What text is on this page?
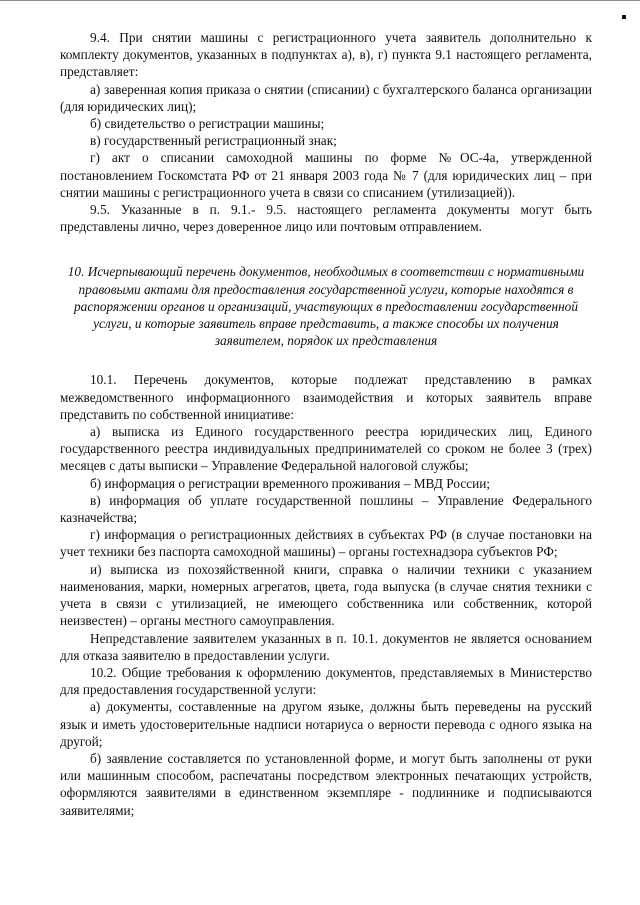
9.4. При снятии машины с регистрационного учета заявитель дополнительно к комплекту документов, указанных в подпунктах а), в), г) пункта 9.1 настоящего регламента, представляет:

а) заверенная копия приказа о снятии (списании) с бухгалтерского баланса организации (для юридических лиц);

б) свидетельство о регистрации машины;

в) государственный регистрационный знак;

г) акт о списании самоходной машины по форме №ОС-4а, утвержденной постановлением Госкомстата РФ от 21 января 2003 года № 7 (для юридических лиц – при снятии машины с регистрационного учета в связи со списанием (утилизацией)).

9.5. Указанные в п. 9.1.- 9.5. настоящего регламента документы могут быть представлены лично, через доверенное лицо или почтовым отправлением.

10. Исчерпывающий перечень документов, необходимых в соответствии с нормативными правовыми актами для предоставления государственной услуги, которые находятся в распоряжении органов и организаций, участвующих в предоставлении государственной услуги, и которые заявитель вправе представить, а также способы их получения заявителем, порядок их представления

10.1. Перечень документов, которые подлежат представлению в рамках межведомственного информационного взаимодействия и которых заявитель вправе представить по собственной инициативе:

а) выписка из Единого государственного реестра юридических лиц, Единого государственного реестра индивидуальных предпринимателей со сроком не более 3 (трех) месяцев с даты выписки – Управление Федеральной налоговой службы;

б) информация о регистрации временного проживания – МВД России;

в) информация об уплате государственной пошлины – Управление Федерального казначейства;

г) информация о регистрационных действиях в субъектах РФ (в случае постановки на учет техники без паспорта самоходной машины) – органы гостехнадзора субъектов РФ;

и) выписка из похозяйственной книги, справка о наличии техники с указанием наименования, марки, номерных агрегатов, цвета, года выпуска (в случае снятия техники с учета в связи с утилизацией, не имеющего собственника или собственник, которой неизвестен) – органы местного самоуправления.

Непредставление заявителем указанных в п. 10.1. документов не является основанием для отказа заявителю в предоставлении услуги.

10.2. Общие требования к оформлению документов, представляемых в Министерство для предоставления государственной услуги:

а) документы, составленные на другом языке, должны быть переведены на русский язык и иметь удостоверительные надписи нотариуса о верности перевода с одного языка на другой;

б) заявление составляется по установленной форме, и могут быть заполнены от руки или машинным способом, распечатаны посредством электронных печатающих устройств, оформляются заявителями в единственном экземпляре - подлиннике и подписываются заявителями;
